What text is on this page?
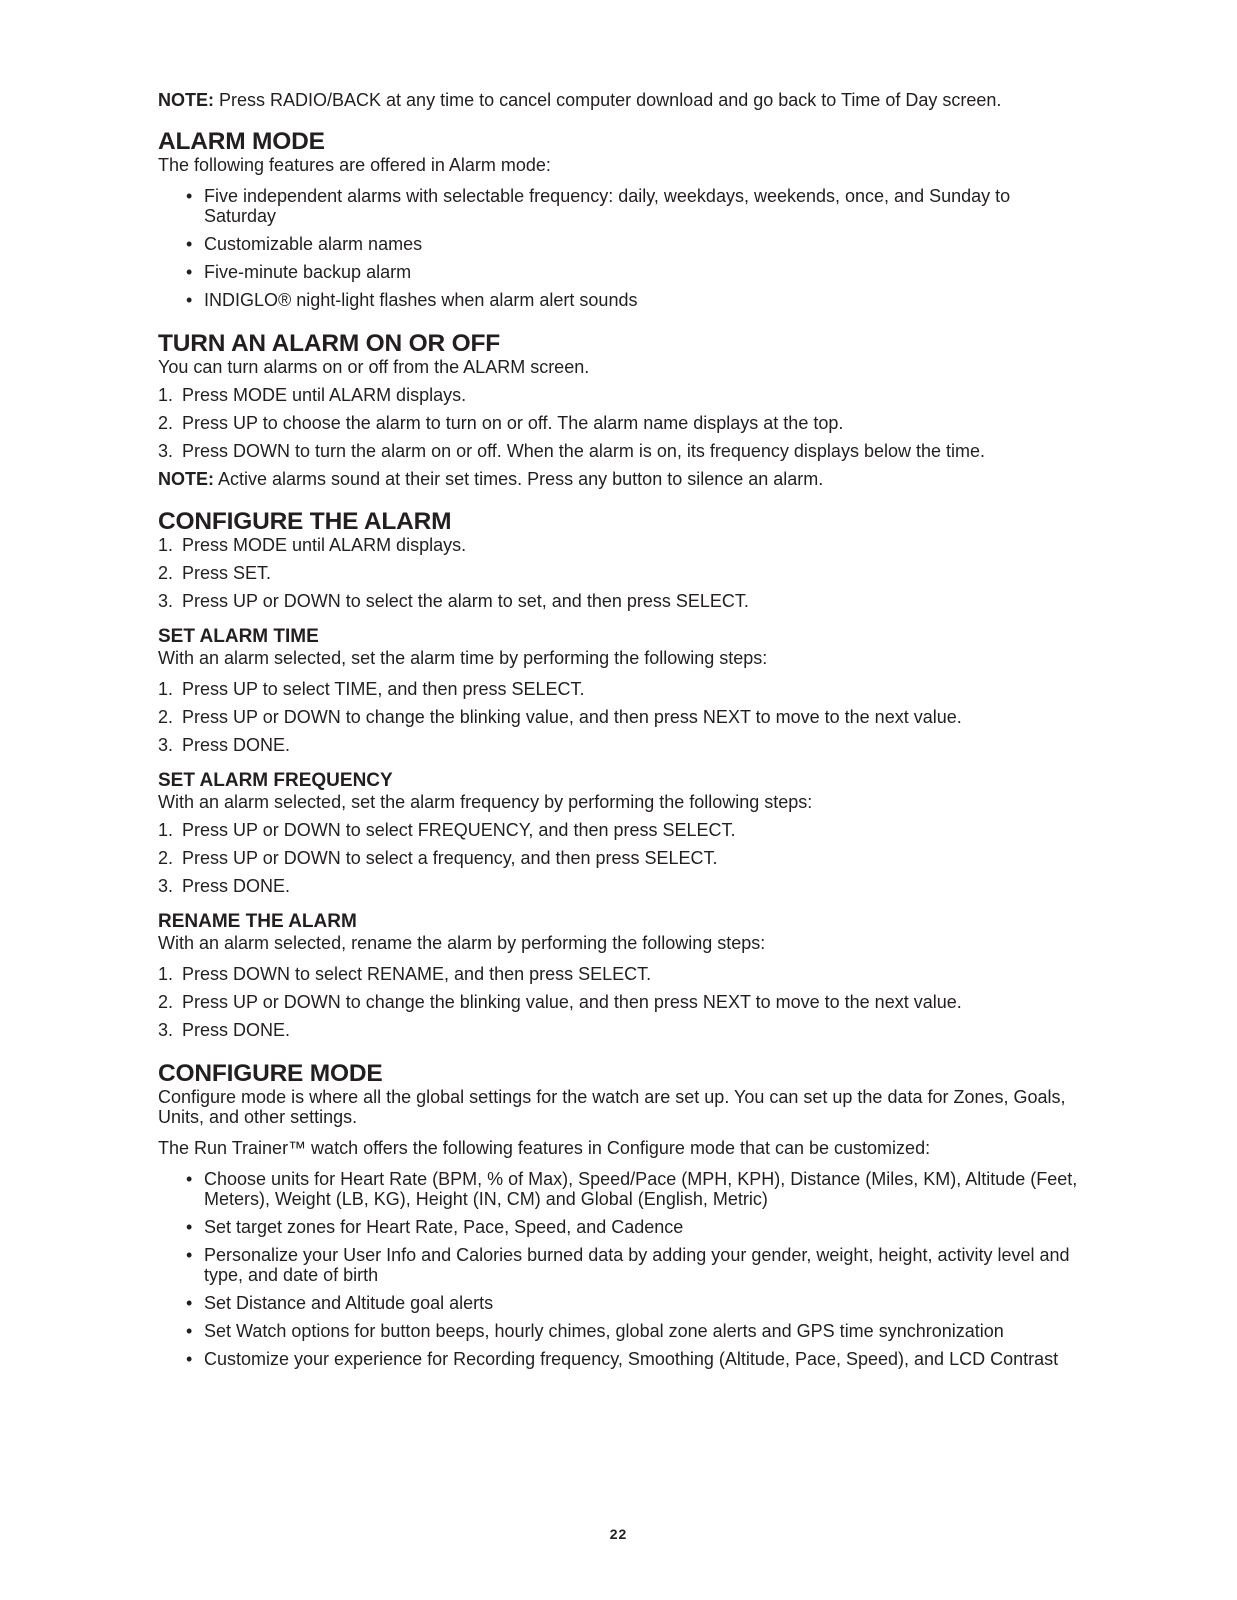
NOTE: Press RADIO/BACK at any time to cancel computer download and go back to Time of Day screen.

ALARM MODE

The following features are offered in Alarm mode:

• Five independent alarms with selectable frequency: daily, weekdays, weekends, once, and Sunday to Saturday
• Customizable alarm names
• Five-minute backup alarm
• INDIGLO® night-light flashes when alarm alert sounds
TURN AN ALARM ON OR OFF

You can turn alarms on or off from the ALARM screen.

1. Press MODE until ALARM displays.
2. Press UP to choose the alarm to turn on or off. The alarm name displays at the top.
3. Press DOWN to turn the alarm on or off. When the alarm is on, its frequency displays below the time.

NOTE: Active alarms sound at their set times. Press any button to silence an alarm.

CONFIGURE THE ALARM
1. Press MODE until ALARM displays.
2. Press SET.
3. Press UP or DOWN to select the alarm to set, and then press SELECT.
SET ALARM TIME

With an alarm selected, set the alarm time by performing the following steps:

1. Press UP to select TIME, and then press SELECT.
2. Press UP or DOWN to change the blinking value, and then press NEXT to move to the next value.
3. Press DONE.
SET ALARM FREQUENCY

With an alarm selected, set the alarm frequency by performing the following steps:

1. Press UP or DOWN to select FREQUENCY, and then press SELECT.
2. Press UP or DOWN to select a frequency, and then press SELECT.
3. Press DONE.
RENAME THE ALARM

With an alarm selected, rename the alarm by performing the following steps:

1. Press DOWN to select RENAME, and then press SELECT.
2. Press UP or DOWN to change the blinking value, and then press NEXT to move to the next value.
3. Press DONE.
CONFIGURE MODE

Configure mode is where all the global settings for the watch are set up. You can set up the data for Zones, Goals, Units, and other settings.

The Run Trainer™ watch offers the following features in Configure mode that can be customized:

• Choose units for Heart Rate (BPM, % of Max), Speed/Pace (MPH, KPH), Distance (Miles, KM), Altitude (Feet, Meters), Weight (LB, KG), Height (IN, CM) and Global (English, Metric)
• Set target zones for Heart Rate, Pace, Speed, and Cadence
• Personalize your User Info and Calories burned data by adding your gender, weight, height, activity level and type, and date of birth
• Set Distance and Altitude goal alerts
• Set Watch options for button beeps, hourly chimes, global zone alerts and GPS time synchronization
• Customize your experience for Recording frequency, Smoothing (Altitude, Pace, Speed), and LCD Contrast
22
